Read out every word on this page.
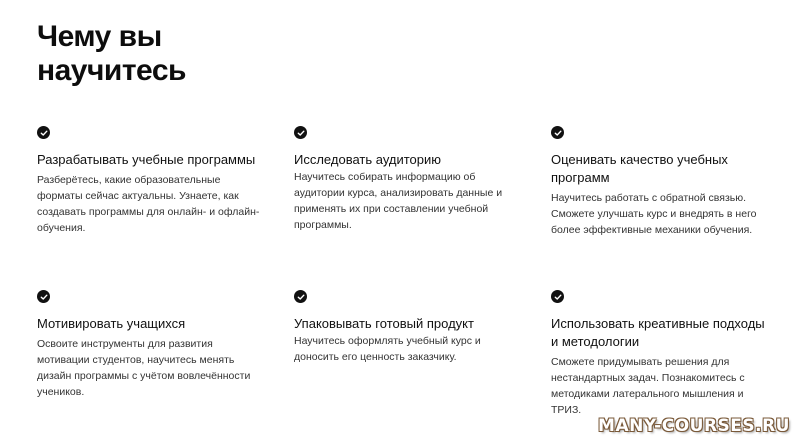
Чему вы научитесь
Разрабатывать учебные программы

Разберётесь, какие образовательные форматы сейчас актуальны. Узнаете, как создавать программы для онлайн- и офлайн-обучения.

Исследовать аудиторию

Научитесь собирать информацию об аудитории курса, анализировать данные и применять их при составлении учебной программы.

Оценивать качество учебных программ

Научитесь работать с обратной связью. Сможете улучшать курс и внедрять в него более эффективные механики обучения.

Мотивировать учащихся

Освоите инструменты для развития мотивации студентов, научитесь менять дизайн программы с учётом вовлечённости учеников.

Упаковывать готовый продукт

Научитесь оформлять учебный курс и доносить его ценность заказчику.

Использовать креативные подходы и методологии

Сможете придумывать решения для нестандартных задач. Познакомитесь с методиками латерального мышления и ТРИЗ.

MANY-COURSES.RU
